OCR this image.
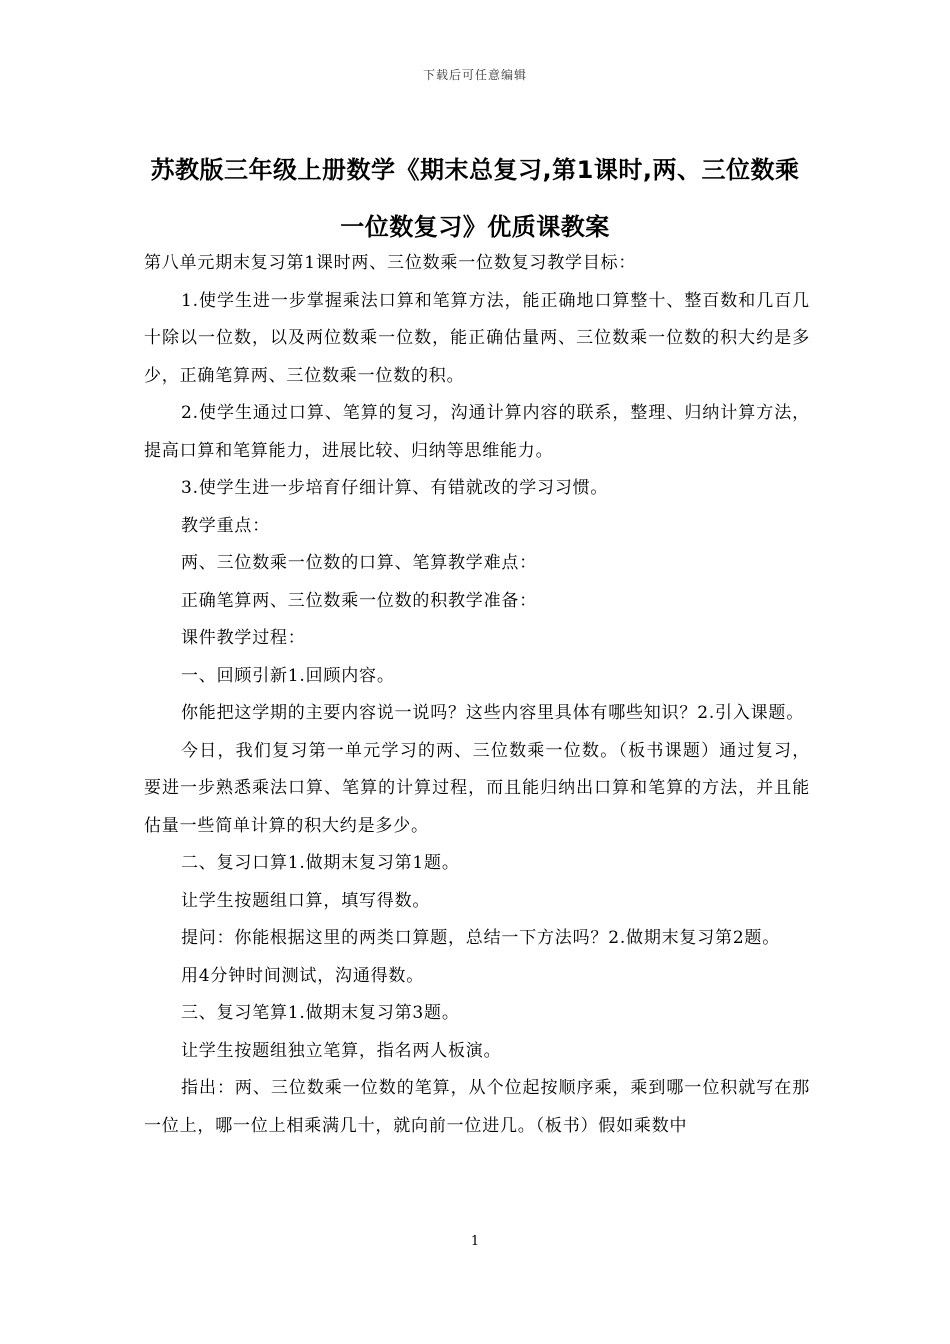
下载后可任意编辑
苏教版三年级上册数学《期末总复习,第1课时,两、三位数乘一位数复习》优质课教案

第八单元期末复习第1课时两、三位数乘一位数复习教学目标：

1.使学生进一步掌握乘法口算和笔算方法，能正确地口算整十、整百数和几百几十除以一位数，以及两位数乘一位数，能正确估量两、三位数乘一位数的积大约是多少，正确笔算两、三位数乘一位数的积。

2.使学生通过口算、笔算的复习，沟通计算内容的联系，整理、归纳计算方法，提高口算和笔算能力，进展比较、归纳等思维能力。

3.使学生进一步培育仔细计算、有错就改的学习习惯。

教学重点：

两、三位数乘一位数的口算、笔算教学难点：

正确笔算两、三位数乘一位数的积教学准备：

课件教学过程：

一、回顾引新1.回顾内容。

你能把这学期的主要内容说一说吗？这些内容里具体有哪些知识？2.引入课题。

今日，我们复习第一单元学习的两、三位数乘一位数。（板书课题）通过复习，要进一步熟悉乘法口算、笔算的计算过程，而且能归纳出口算和笔算的方法，并且能估量一些简单计算的积大约是多少。

二、复习口算1.做期末复习第1题。

让学生按题组口算，填写得数。

提问：你能根据这里的两类口算题，总结一下方法吗？2.做期末复习第2题。

用4分钟时间测试，沟通得数。

三、复习笔算1.做期末复习第3题。

让学生按题组独立笔算，指名两人板演。

指出：两、三位数乘一位数的笔算，从个位起按顺序乘，乘到哪一位积就写在那一位上，哪一位上相乘满几十，就向前一位进几。（板书）假如乘数中

1
